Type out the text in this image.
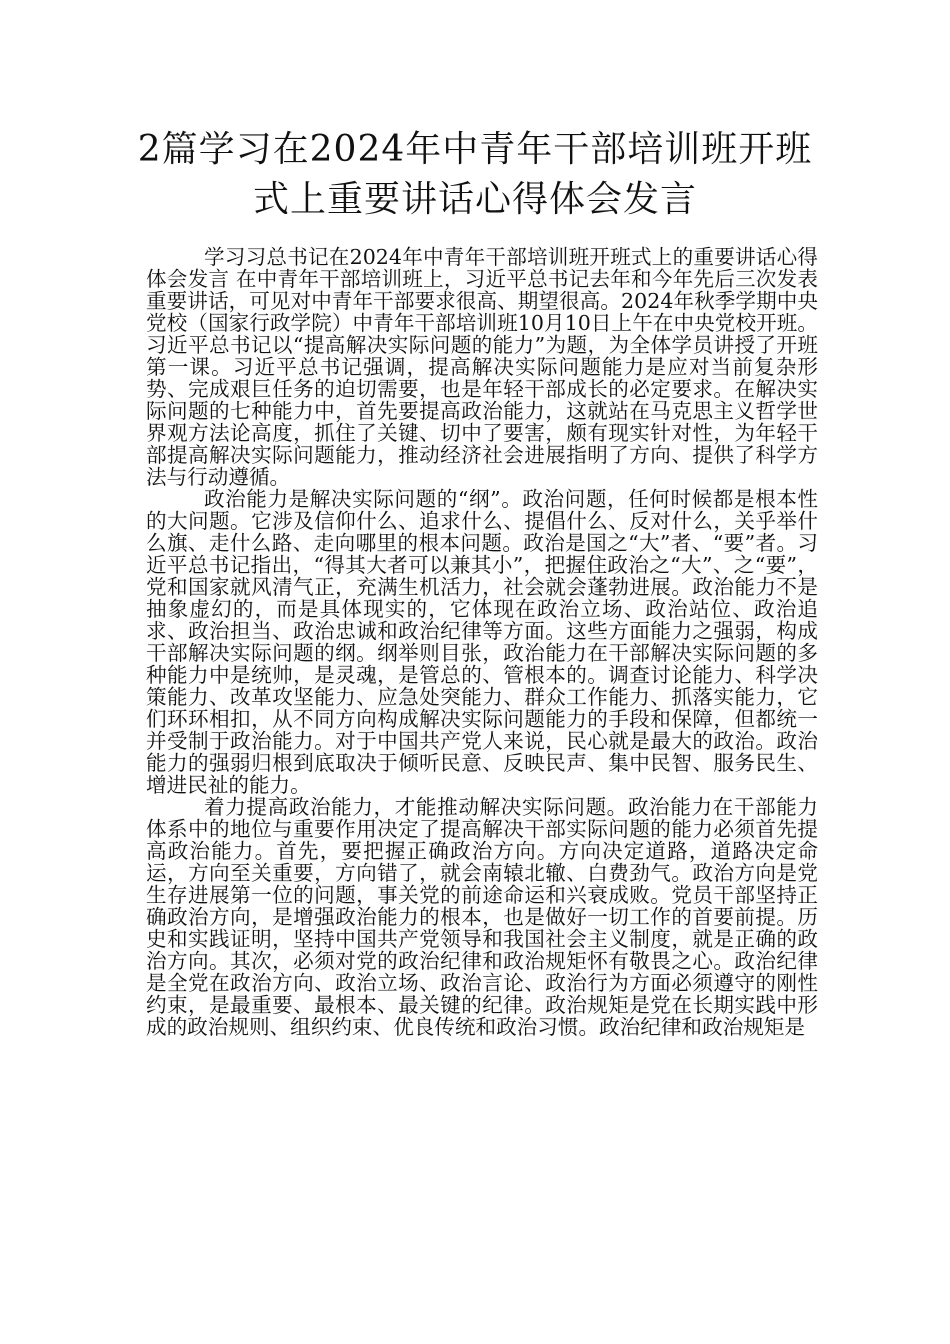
2篇学习在2024年中青年干部培训班开班
式上重要讲话心得体会发言

学习习总书记在2024年中青年干部培训班开班式上的重要讲话心得体会发言 在中青年干部培训班上，习近平总书记去年和今年先后三次发表重要讲话，可见对中青年干部要求很高、期望很高。2024年秋季学期中央党校（国家行政学院）中青年干部培训班10月10日上午在中央党校开班。习近平总书记以“提高解决实际问题的能力”为题，为全体学员讲授了开班第一课。习近平总书记强调，提高解决实际问题能力是应对当前复杂形势、完成艰巨任务的迫切需要，也是年轻干部成长的必定要求。在解决实际问题的七种能力中，首先要提高政治能力，这就站在马克思主义哲学世界观方法论高度，抓住了关键、切中了要害，颇有现实针对性，为年轻干部提高解决实际问题能力，推动经济社会进展指明了方向、提供了科学方法与行动遵循。

政治能力是解决实际问题的“纲”。政治问题，任何时候都是根本性的大问题。它涉及信仰什么、追求什么、提倡什么、反对什么，关乎举什么旗、走什么路、走向哪里的根本问题。政治是国之“大”者、“要”者。习近平总书记指出，“得其大者可以兼其小”，把握住政治之“大”、之“要”，党和国家就风清气正，充满生机活力，社会就会蓬勃进展。政治能力不是抽象虚幻的，而是具体现实的，它体现在政治立场、政治站位、政治追求、政治担当、政治忠诚和政治纪律等方面。这些方面能力之强弱，构成干部解决实际问题的纲。纲举则目张，政治能力在干部解决实际问题的多种能力中是统帅，是灵魂，是管总的、管根本的。调查讨论能力、科学决策能力、改革攻坚能力、应急处突能力、群众工作能力、抓落实能力，它们环环相扣，从不同方向构成解决实际问题能力的手段和保障，但都统一并受制于政治能力。对于中国共产党人来说，民心就是最大的政治。政治能力的强弱归根到底取决于倾听民意、反映民声、集中民智、服务民生、增进民祉的能力。

着力提高政治能力，才能推动解决实际问题。政治能力在干部能力体系中的地位与重要作用决定了提高解决干部实际问题的能力必须首先提高政治能力。首先，要把握正确政治方向。方向决定道路，道路决定命运，方向至关重要，方向错了，就会南辕北辙、白费劲气。政治方向是党生存进展第一位的问题，事关党的前途命运和兴衰成败。党员干部坚持正确政治方向，是增强政治能力的根本，也是做好一切工作的首要前提。历史和实践证明，坚持中国共产党领导和我国社会主义制度，就是正确的政治方向。其次，必须对党的政治纪律和政治规矩怀有敬畏之心。政治纪律是全党在政治方向、政治立场、政治言论、政治行为方面必须遵守的刚性约束，是最重要、最根本、最关键的纪律。政治规矩是党在长期实践中形成的政治规则、组织约束、优良传统和政治习惯。政治纪律和政治规矩是
